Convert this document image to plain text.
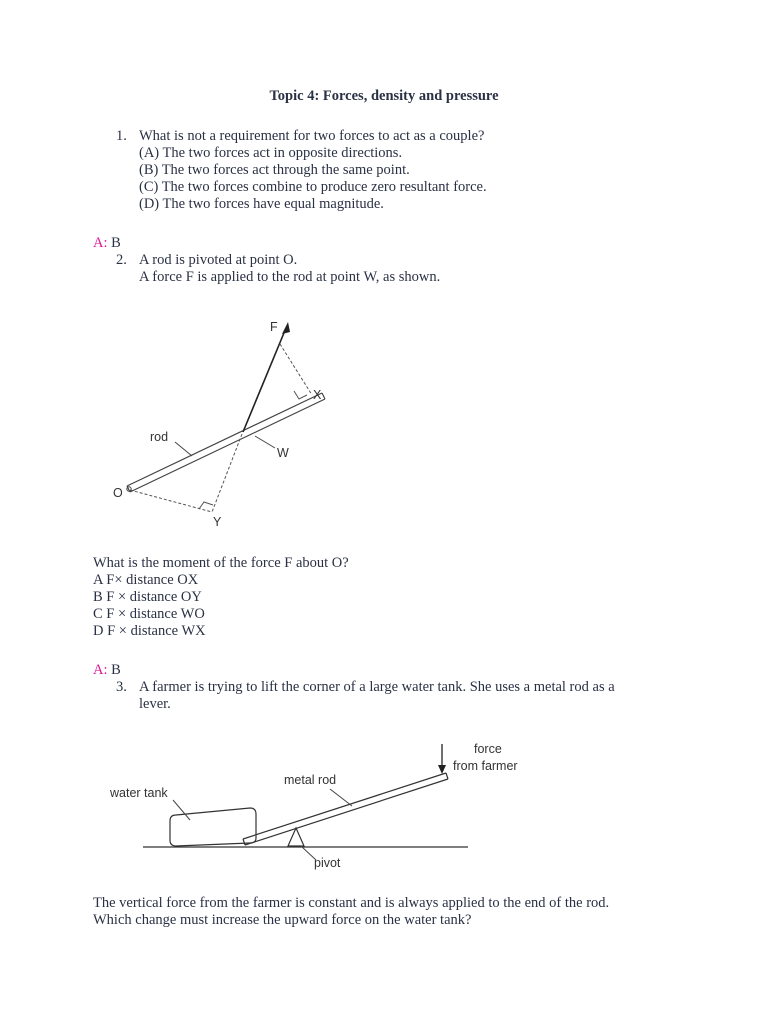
Topic 4: Forces, density and pressure
1. What is not a requirement for two forces to act as a couple?
(A) The two forces act in opposite directions.
(B) The two forces act through the same point.
(C) The two forces combine to produce zero resultant force.
(D) The two forces have equal magnitude.
A: B
2. A rod is pivoted at point O.
A force F is applied to the rod at point W, as shown.
F
X
rod
W
O
Y
force
from farmer
metal rod
water tank
pivot
What is the moment of the force F about O?
A F× distance OX
B F × distance OY
C F × distance WO
D F × distance WX
A: B
3. A farmer is trying to lift the corner of a large water tank. She uses a metal rod as a
lever.
The vertical force from the farmer is constant and is always applied to the end of the rod.
Which change must increase the upward force on the water tank?
